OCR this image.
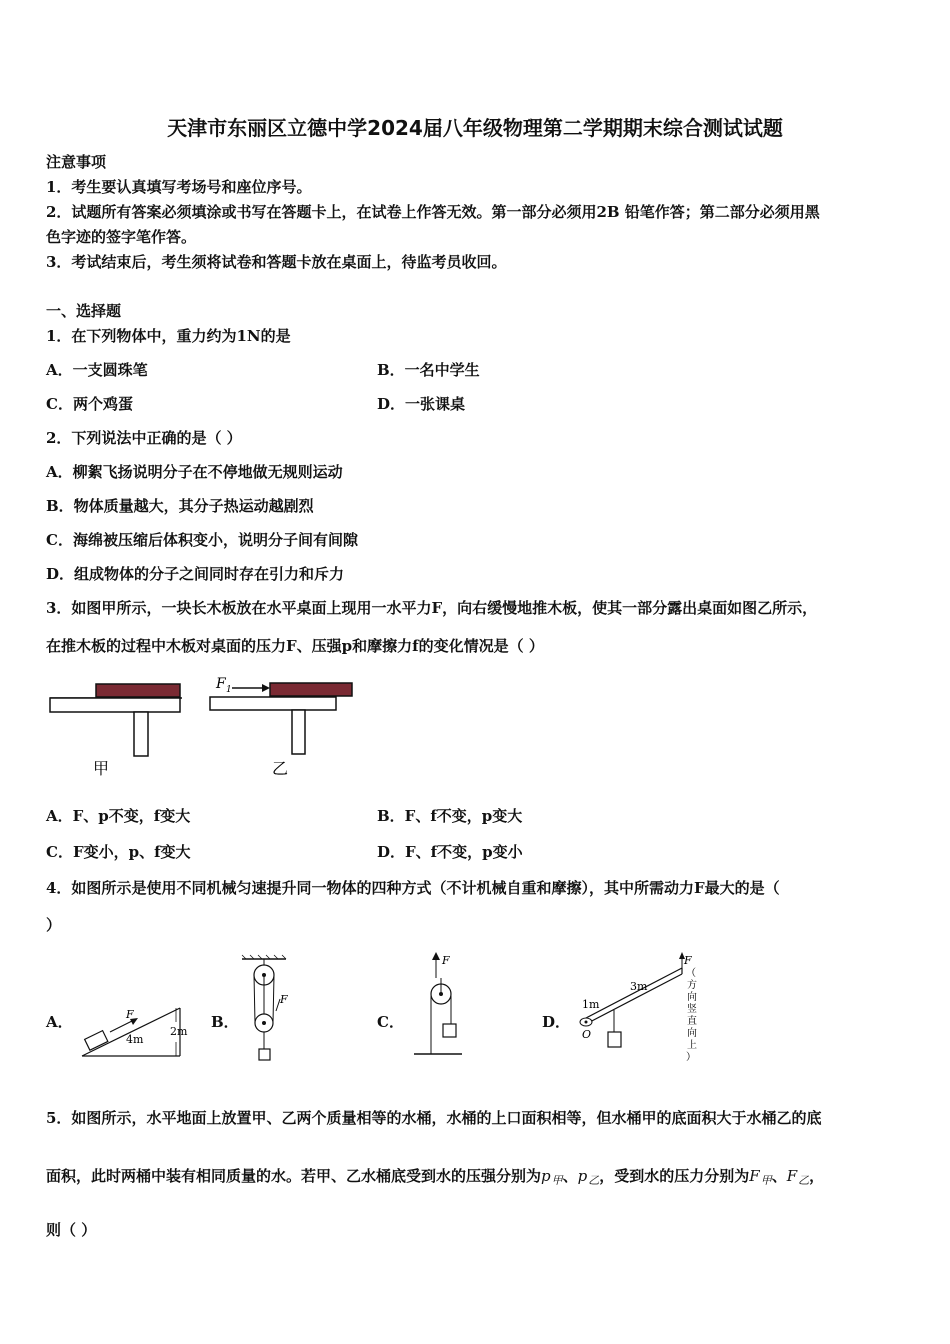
天津市东丽区立德中学2024届八年级物理第二学期期末综合测试试题
注意事项
1．考生要认真填写考场号和座位序号。
2．试题所有答案必须填涂或书写在答题卡上，在试卷上作答无效。第一部分必须用2B 铅笔作答；第二部分必须用黑
色字迹的签字笔作答。
3．考试结束后，考生须将试卷和答题卡放在桌面上，待监考员收回。
一、选择题
1．在下列物体中，重力约为1N的是
A．一支圆珠笔	B．一名中学生
C．两个鸡蛋	D．一张课桌
2．下列说法中正确的是（ ）
A．柳絮飞扬说明分子在不停地做无规则运动
B．物体质量越大，其分子热运动越剧烈
C．海绵被压缩后体积变小，说明分子间有间隙
D．组成物体的分子之间同时存在引力和斥力
3．如图甲所示，一块长木板放在水平桌面上现用一水平力F，向右缓慢地推木板，使其一部分露出桌面如图乙所示，
在推木板的过程中木板对桌面的压力F、压强p和摩擦力f的变化情况是（ ）
甲
F 1
乙
A．F、p不变，f变大	B．F、f不变，p变大
C．F变小，p、f变大	D．F、f不变，p变小
4．如图所示是使用不同机械匀速提升同一物体的四种方式（不计机械自重和摩擦），其中所需动力F最大的是（
）
A．	F
4m
2m
B．
F
C．
F
D．
O
1m
3m
F
（
方
向
竖
直
向
上
）
5．如图所示，水平地面上放置甲、乙两个质量相等的水桶，水桶的上口面积相等，但水桶甲的底面积大于水桶乙的底
面积，此时两桶中装有相同质量的水。若甲、乙水桶底受到水的压强分别为$p_甲$、$p_乙$，受到水的压力分别为$F_甲$、$F_乙$，
则（ ）
